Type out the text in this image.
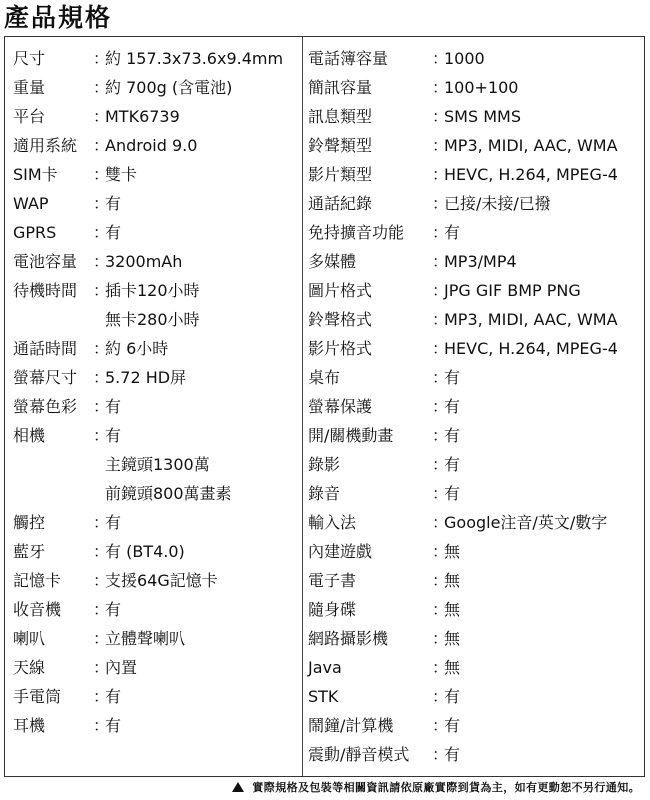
產品規格
尺寸	：
約 157.3x73.6x9.4mm
重量	：
約 700g (含電池)
平台	：
MTK6739
適用系統 ：
Android 9.0
SIM卡	：
雙卡
WAP	：
有
GPRS	：
有
電池容量 ：
3200mAh
待機時間 ：
插卡120小時
無卡280小時
通話時間 ：
約 6小時
螢幕尺寸 ：
5.72 HD屏
螢幕色彩 ：
有
相機	：
有
主鏡頭1300萬
前鏡頭800萬畫素
觸控	：
有
藍牙	：
有 (BT4.0)
記憶卡	：
支援64G記憶卡
收音機	：
有
喇叭	：
立體聲喇叭
天線	：
內置
手電筒	：
有
耳機	：
有
電話簿容量	：
1000
簡訊容量	：
100+100
訊息類型	：
SMS MMS
鈴聲類型	：
MP3, MIDI, AAC, WMA
影片類型	：
HEVC, H.264, MPEG-4
通話紀錄	：
已接/未接/已撥
免持擴音功能	：
有
多媒體	：
MP3/MP4
圖片格式	：
JPG GIF BMP PNG
鈴聲格式	：
MP3, MIDI, AAC, WMA
影片格式	：
HEVC, H.264, MPEG-4
桌布	：
有
螢幕保護	：
有
開/關機動畫	：
有
錄影	：
有
錄音	：
有
輸入法	：
Google注音/英文/數字
內建遊戲	：
無
電子書	：
無
隨身碟	：
無
網路攝影機	：
無
Java	：
無
STK	：
有
鬧鐘/計算機	：
有
震動/靜音模式	：
有
實際規格及包裝等相關資訊請依原廠實際到貨為主，如有更動恕不另行通知。
